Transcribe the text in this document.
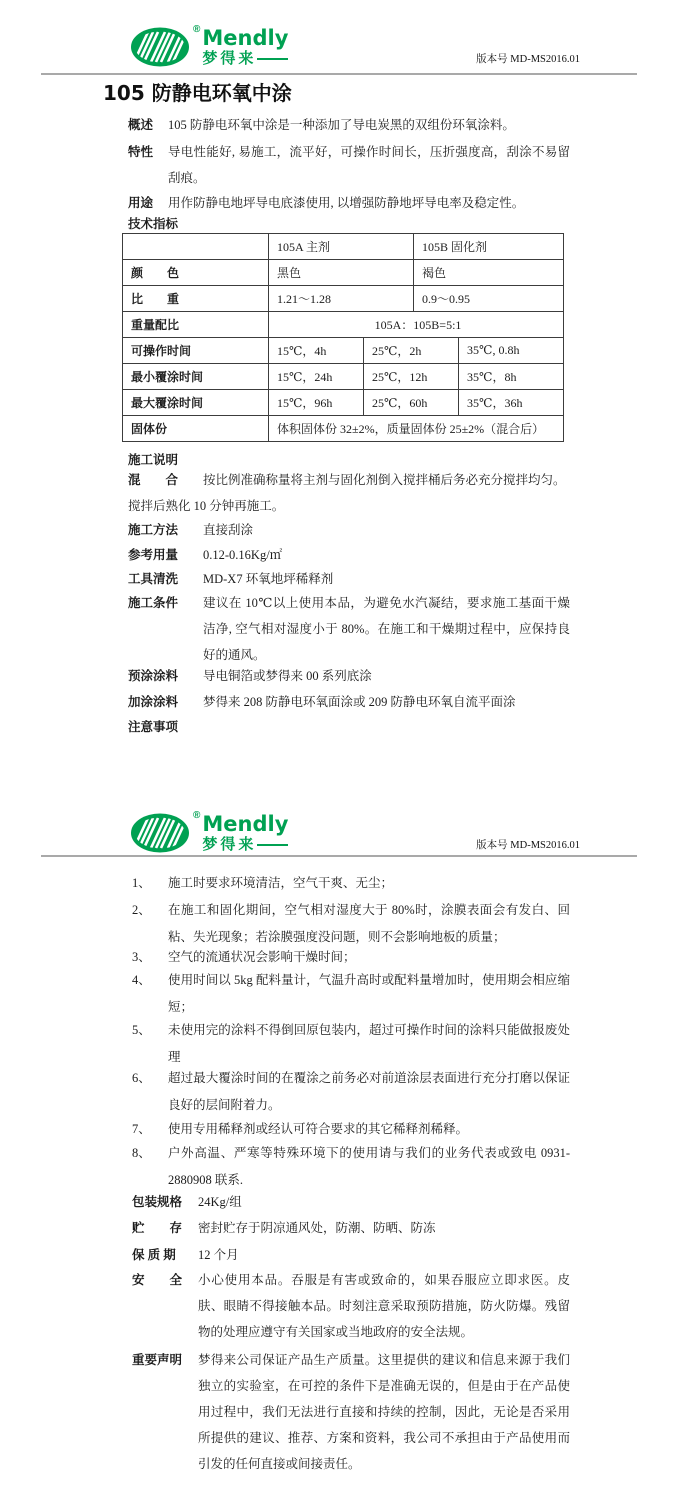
® Mendly
梦得来	版本号 MD-MS2016.01
105 防静电环氧中涂
概述	105 防静电环氧中涂是一种添加了导电炭黑的双组份环氧涂料。
特性	导电性能好, 易施工，流平好，可操作时间长，压折强度高，刮涂不易留刮痕。
用途	用作防静电地坪导电底漆使用, 以增强防静地坪导电率及稳定性。
技术指标
	105A 主剂		105B 固化剂	
颜　　色	黑色		褐色	
比　　重	1.21～1.28		0.9～0.95	
重量配比	105A：105B=5:1			
可操作时间	15℃，4h	25℃，2h		35℃, 0.8h
最小覆涂时间	15℃，24h	25℃，12h		35℃，8h
最大覆涂时间	15℃，96h	25℃，60h		35℃，36h
固体份	体积固体份 32±2%，质量固体份 25±2%（混合后）			
施工说明
混　　合	按比例准确称量将主剂与固化剂倒入搅拌桶后务必充分搅拌均匀。
搅拌后熟化 10 分钟再施工。
施工方法	直接刮涂
参考用量	0.12-0.16Kg/㎡
工具清洗	MD-X7 环氧地坪稀释剂
施工条件	建议在 10℃以上使用本品，为避免水汽凝结，要求施工基面干燥洁净, 空气相对湿度小于 80%。在施工和干燥期过程中，应保持良好的通风。
预涂涂料	导电铜箔或梦得来 00 系列底涂
加涂涂料	梦得来 208 防静电环氧面涂或 209 防静电环氧自流平面涂
注意事项
® Mendly
梦得来	版本号 MD-MS2016.01
1、	施工时要求环境清洁，空气干爽、无尘；
2、	在施工和固化期间，空气相对湿度大于 80%时，涂膜表面会有发白、回粘、失光现象；若涂膜强度没问题，则不会影响地板的质量；
3、	空气的流通状况会影响干燥时间；
4、	使用时间以 5kg 配料量计，气温升高时或配料量增加时，使用期会相应缩短；
5、	未使用完的涂料不得倒回原包装内，超过可操作时间的涂料只能做报废处理
6、	超过最大覆涂时间的在覆涂之前务必对前道涂层表面进行充分打磨以保证良好的层间附着力。
7、	使用专用稀释剂或经认可符合要求的其它稀释剂稀释。
8、	户外高温、严寒等特殊环境下的使用请与我们的业务代表或致电 0931-2880908 联系.
包装规格	24Kg/组
贮　　存	密封贮存于阴凉通风处，防潮、防晒、防冻
保 质 期	12 个月
安　　全	小心使用本品。吞服是有害或致命的，如果吞服应立即求医。皮肤、眼睛不得接触本品。时刻注意采取预防措施，防火防爆。残留物的处理应遵守有关国家或当地政府的安全法规。
重要声明	梦得来公司保证产品生产质量。这里提供的建议和信息来源于我们独立的实验室，在可控的条件下是准确无误的，但是由于在产品使用过程中，我们无法进行直接和持续的控制，因此，无论是否采用所提供的建议、推荐、方案和资料，我公司不承担由于产品使用而引发的任何直接或间接责任。
